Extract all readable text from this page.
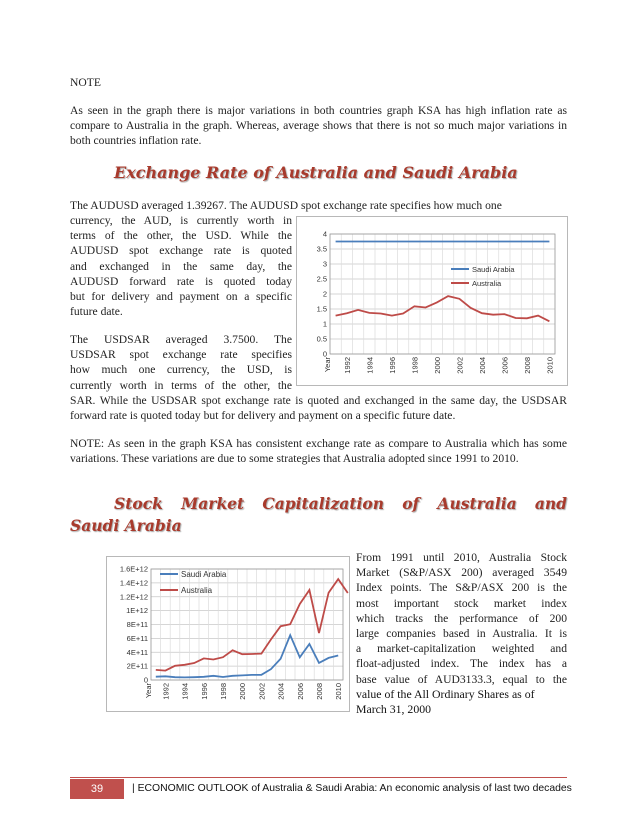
NOTE

As seen in the graph there is major variations in both countries graph KSA has high inflation rate as compare to Australia in the graph. Whereas, average shows that there is not so much major variations in both countries inflation rate.

Exchange Rate of Australia and Saudi Arabia

The AUDUSD averaged 1.39267. The AUDUSD spot exchange rate specifies how much one

currency, the AUD, is currently worth in

terms of the other, the USD. While the

AUDUSD spot exchange rate is quoted

and exchanged in the same day, the

AUDUSD forward rate is quoted today

but for delivery and payment on a specific

future date.

The USDSAR averaged 3.7500. The

USDSAR spot exchange rate specifies

how much one currency, the USD, is

currently worth in terms of the other, the

SAR. While the USDSAR spot exchange rate is quoted and exchanged in the same day, the USDSAR forward rate is quoted today but for delivery and payment on a specific future date.

NOTE: As seen in the graph KSA has consistent exchange rate as compare to Australia which has some variations. These variations are due to some strategies that Australia adopted since 1991 to 2010.

0
0.5
1
1.5
2
2.5
3
3.5
4
Year 1992 1994 1996 1998 2000 2002 2004 2006 2008 2010
Saudi Arabia
Australia
Stock Market Capitalization of Australia and
Saudi Arabia
0
2E+11
4E+11
6E+11
8E+11
1E+12
1.2E+12
1.4E+12
1.6E+12
Year 1992 1994 1996 1998 2000 2002 2004 2006 2008 2010
Saudi Arabia
Australia

From 1991 until 2010, Australia Stock

Market (S&P/ASX 200) averaged 3549

Index points. The S&P/ASX 200 is the

most important stock market index

which tracks the performance of 200

large companies based in Australia. It is

a market-capitalization weighted and

float-adjusted index. The index has a

base value of AUD3133.3, equal to the

value of the All Ordinary Shares as of March 31, 2000

39	| ECONOMIC OUTLOOK of Australia & Saudi Arabia: An economic analysis of last two decades
